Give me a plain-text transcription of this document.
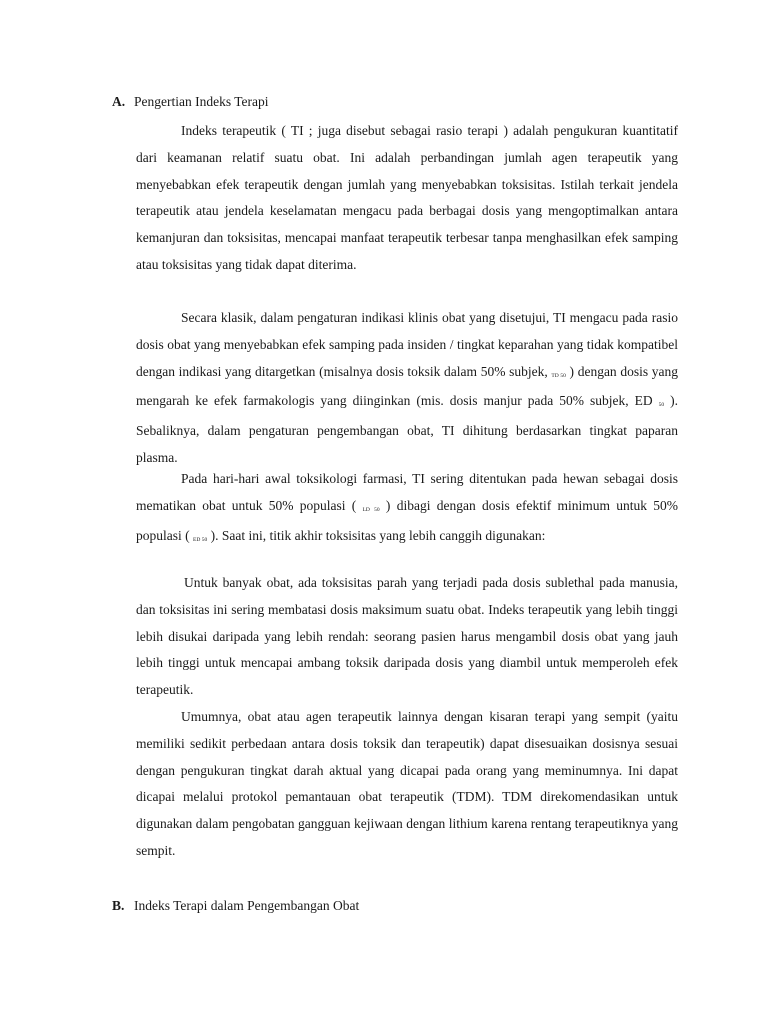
A. Pengertian Indeks Terapi

Indeks terapeutik ( TI ; juga disebut sebagai rasio terapi ) adalah pengukuran kuantitatif dari keamanan relatif suatu obat. Ini adalah perbandingan jumlah agen terapeutik yang menyebabkan efek terapeutik dengan jumlah yang menyebabkan toksisitas. Istilah terkait jendela terapeutik atau jendela keselamatan mengacu pada berbagai dosis yang mengoptimalkan antara kemanjuran dan toksisitas, mencapai manfaat terapeutik terbesar tanpa menghasilkan efek samping atau toksisitas yang tidak dapat diterima.

Secara klasik, dalam pengaturan indikasi klinis obat yang disetujui, TI mengacu pada rasio dosis obat yang menyebabkan efek samping pada insiden / tingkat keparahan yang tidak kompatibel dengan indikasi yang ditargetkan (misalnya dosis toksik dalam 50% subjek, $_{TD 50}$ ) dengan dosis yang mengarah ke efek farmakologis yang diinginkan (mis. dosis manjur pada 50% subjek, ED $_{50}$ ). Sebaliknya, dalam pengaturan pengembangan obat, TI dihitung berdasarkan tingkat paparan plasma.

Pada hari-hari awal toksikologi farmasi, TI sering ditentukan pada hewan sebagai dosis mematikan obat untuk 50% populasi ( $_{LD 50}$ ) dibagi dengan dosis efektif minimum untuk 50% populasi ( $_{ED 50}$ ). Saat ini, titik akhir toksisitas yang lebih canggih digunakan:

Untuk banyak obat, ada toksisitas parah yang terjadi pada dosis sublethal pada manusia, dan toksisitas ini sering membatasi dosis maksimum suatu obat. Indeks terapeutik yang lebih tinggi lebih disukai daripada yang lebih rendah: seorang pasien harus mengambil dosis obat yang jauh lebih tinggi untuk mencapai ambang toksik daripada dosis yang diambil untuk memperoleh efek terapeutik.

Umumnya, obat atau agen terapeutik lainnya dengan kisaran terapi yang sempit (yaitu memiliki sedikit perbedaan antara dosis toksik dan terapeutik) dapat disesuaikan dosisnya sesuai dengan pengukuran tingkat darah aktual yang dicapai pada orang yang meminumnya. Ini dapat dicapai melalui protokol pemantauan obat terapeutik (TDM). TDM direkomendasikan untuk digunakan dalam pengobatan gangguan kejiwaan dengan lithium karena rentang terapeutiknya yang sempit.

B. Indeks Terapi dalam Pengembangan Obat
